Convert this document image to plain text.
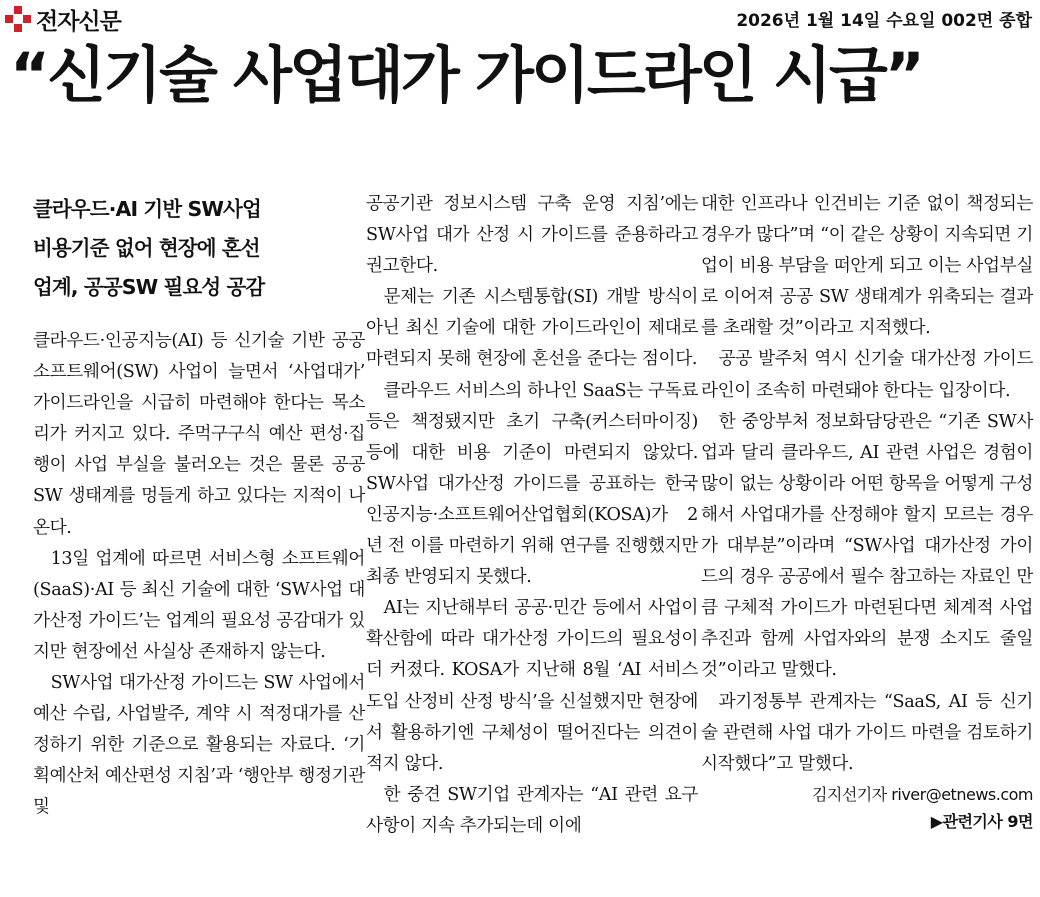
전자신문	2026년 1월 14일 수요일 002면 종합
“신기술 사업대가 가이드라인 시급”
클라우드·AI 기반 SW사업
비용기준 없어 현장에 혼선
업계, 공공SW 필요성 공감

클라우드·인공지능(AI) 등 신기술 기반 공공 소프트웨어(SW) 사업이 늘면서 ‘사업대가’ 가이드라인을 시급히 마련해야 한다는 목소리가 커지고 있다. 주먹구구식 예산 편성·집행이 사업 부실을 불러오는 것은 물론 공공 SW 생태계를 멍들게 하고 있다는 지적이 나온다.

13일 업계에 따르면 서비스형 소프트웨어(SaaS)·AI 등 최신 기술에 대한 ‘SW사업 대가산정 가이드’는 업계의 필요성 공감대가 있지만 현장에선 사실상 존재하지 않는다.

SW사업 대가산정 가이드는 SW 사업에서 예산 수립, 사업발주, 계약 시 적정대가를 산정하기 위한 기준으로 활용되는 자료다. ‘기획예산처 예산편성 지침’과 ‘행안부 행정기관 및

공공기관 정보시스템 구축 운영 지침’에는 SW사업 대가 산정 시 가이드를 준용하라고 권고한다.

문제는 기존 시스템통합(SI) 개발 방식이 아닌 최신 기술에 대한 가이드라인이 제대로 마련되지 못해 현장에 혼선을 준다는 점이다.

클라우드 서비스의 하나인 SaaS는 구독료 등은 책정됐지만 초기 구축(커스터마이징) 등에 대한 비용 기준이 마련되지 않았다. SW사업 대가산정 가이드를 공표하는 한국인공지능·소프트웨어산업협회(KOSA)가 2년 전 이를 마련하기 위해 연구를 진행했지만 최종 반영되지 못했다.

AI는 지난해부터 공공·민간 등에서 사업이 확산함에 따라 대가산정 가이드의 필요성이 더 커졌다. KOSA가 지난해 8월 ‘AI 서비스 도입 산정비 산정 방식’을 신설했지만 현장에서 활용하기엔 구체성이 떨어진다는 의견이 적지 않다.

한 중견 SW기업 관계자는 “AI 관련 요구사항이 지속 추가되는데 이에

대한 인프라나 인건비는 기준 없이 책정되는 경우가 많다”며 “이 같은 상황이 지속되면 기업이 비용 부담을 떠안게 되고 이는 사업부실로 이어져 공공 SW 생태계가 위축되는 결과를 초래할 것”이라고 지적했다.

공공 발주처 역시 신기술 대가산정 가이드라인이 조속히 마련돼야 한다는 입장이다.

한 중앙부처 정보화담당관은 “기존 SW사업과 달리 클라우드, AI 관련 사업은 경험이 많이 없는 상황이라 어떤 항목을 어떻게 구성해서 사업대가를 산정해야 할지 모르는 경우가 대부분”이라며 “SW사업 대가산정 가이드의 경우 공공에서 필수 참고하는 자료인 만큼 구체적 가이드가 마련된다면 체계적 사업 추진과 함께 사업자와의 분쟁 소지도 줄일 것”이라고 말했다.

과기정통부 관계자는 “SaaS, AI 등 신기술 관련해 사업 대가 가이드 마련을 검토하기 시작했다”고 말했다.

김지선기자 river@etnews.com
▶관련기사 9면
